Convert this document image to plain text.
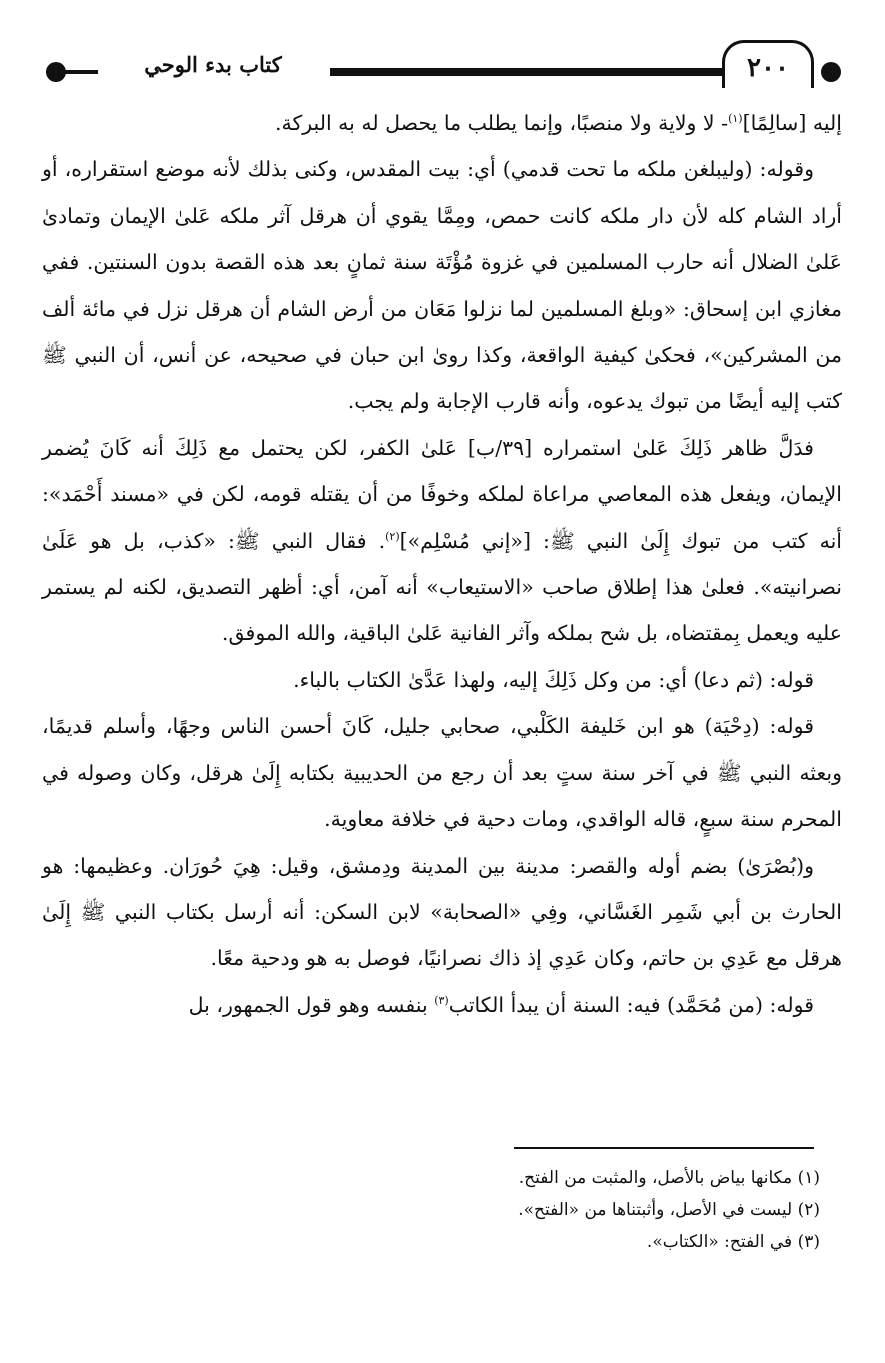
كتاب بدء الوحي	٢٠٠

إليه [سالِمًا]$^{(١)}$- لا ولاية ولا منصبًا، وإنما يطلب ما يحصل له به البركة.

وقوله: (وليبلغن ملكه ما تحت قدمي) أي: بيت المقدس، وكنى بذلك لأنه موضع استقراره، أو أراد الشام كله لأن دار ملكه كانت حمص، ومِمَّا يقوي أن هرقل آثر ملكه عَلىٰ الإيمان وتمادىٰ عَلىٰ الضلال أنه حارب المسلمين في غزوة مُؤْتَة سنة ثمانٍ بعد هذه القصة بدون السنتين. ففي مغازي ابن إسحاق: «وبلغ المسلمين لما نزلوا مَعَان من أرض الشام أن هرقل نزل في مائة ألف من المشركين»، فحكىٰ كيفية الواقعة، وكذا روىٰ ابن حبان في صحيحه، عن أنس، أن النبي ﷺ كتب إليه أيضًا من تبوك يدعوه، وأنه قارب الإجابة ولم يجب.

فدَلَّ ظاهر ذَلِكَ عَلىٰ استمراره [٣٩/ب] عَلىٰ الكفر، لكن يحتمل مع ذَلِكَ أنه كَانَ يُضمر الإيمان، ويفعل هذه المعاصي مراعاة لملكه وخوفًا من أن يقتله قومه، لكن في «مسند أَحْمَد»: أنه كتب من تبوك إِلَىٰ النبي ﷺ: [«إني مُسْلِم»]$^{(٢)}$. فقال النبي ﷺ: «كذب، بل هو عَلَىٰ نصرانيته». فعلىٰ هذا إطلاق صاحب «الاستيعاب» أنه آمن، أي: أظهر التصديق، لكنه لم يستمر عليه ويعمل بِمقتضاه، بل شح بملكه وآثر الفانية عَلىٰ الباقية، والله الموفق.

قوله: (ثم دعا) أي: من وكل ذَلِكَ إليه، ولهذا عَدَّىٰ الكتاب بالباء.

قوله: (دِحْيَة) هو ابن خَليفة الكَلْبي، صحابي جليل، كَانَ أحسن الناس وجهًا، وأسلم قديمًا، وبعثه النبي ﷺ في آخر سنة ستٍ بعد أن رجع من الحديبية بكتابه إِلَىٰ هرقل، وكان وصوله في المحرم سنة سبعٍ، قاله الواقدي، ومات دحية في خلافة معاوية.

و(بُصْرَىٰ) بضم أوله والقصر: مدينة بين المدينة ودِمشق، وقيل: هِيَ حُورَان. وعظيمها: هو الحارث بن أبي شَمِر الغَسَّاني، وفِي «الصحابة» لابن السكن: أنه أرسل بكتاب النبي ﷺ إِلَىٰ هرقل مع عَدِي بن حاتم، وكان عَدِي إذ ذاك نصرانيًا، فوصل به هو ودحية معًا.

قوله: (من مُحَمَّد) فيه: السنة أن يبدأ الكاتب$^{(٣)}$ بنفسه وهو قول الجمهور، بل

(١) مكانها بياض بالأصل، والمثبت من الفتح.

(٢) ليست في الأصل، وأثبتناها من «الفتح».

(٣) في الفتح: «الكتاب».
